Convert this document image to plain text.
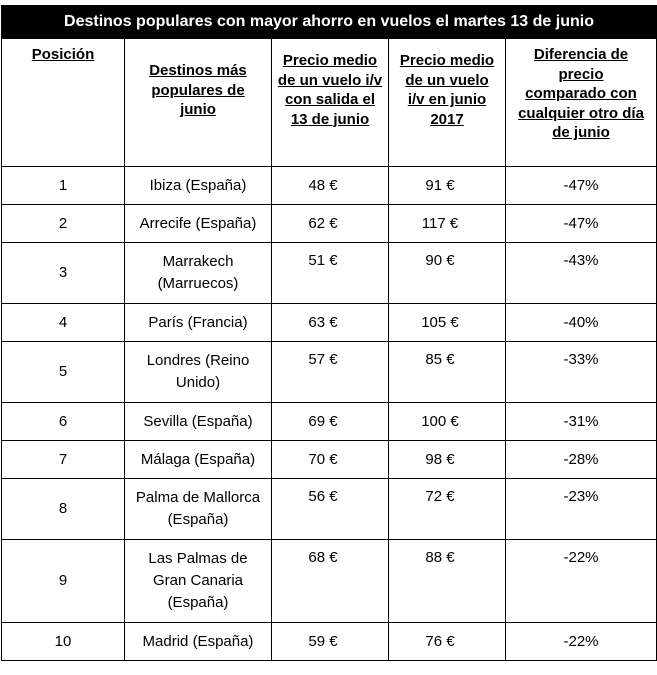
Destinos populares con mayor ahorro en vuelos el martes 13 de junio				
Posición	Destinos más populares de junio	Precio medio de un vuelo i/v con salida el 13 de junio	Precio medio de un vuelo i/v en junio 2017	Diferencia de precio comparado con cualquier otro día de junio
1	Ibiza (España)	48 €	91 €	-47%
2	Arrecife (España)	62 €	117 €	-47%
3	Marrakech (Marruecos)	51 €	90 €	-43%
4	París (Francia)	63 €	105 €	-40%
5	Londres (Reino Unido)	57 €	85 €	-33%
6	Sevilla (España)	69 €	100 €	-31%
7	Málaga (España)	70 €	98 €	-28%
8	Palma de Mallorca (España)	56 €	72 €	-23%
9	Las Palmas de Gran Canaria (España)	68 €	88 €	-22%
10	Madrid (España)	59 €	76 €	-22%
